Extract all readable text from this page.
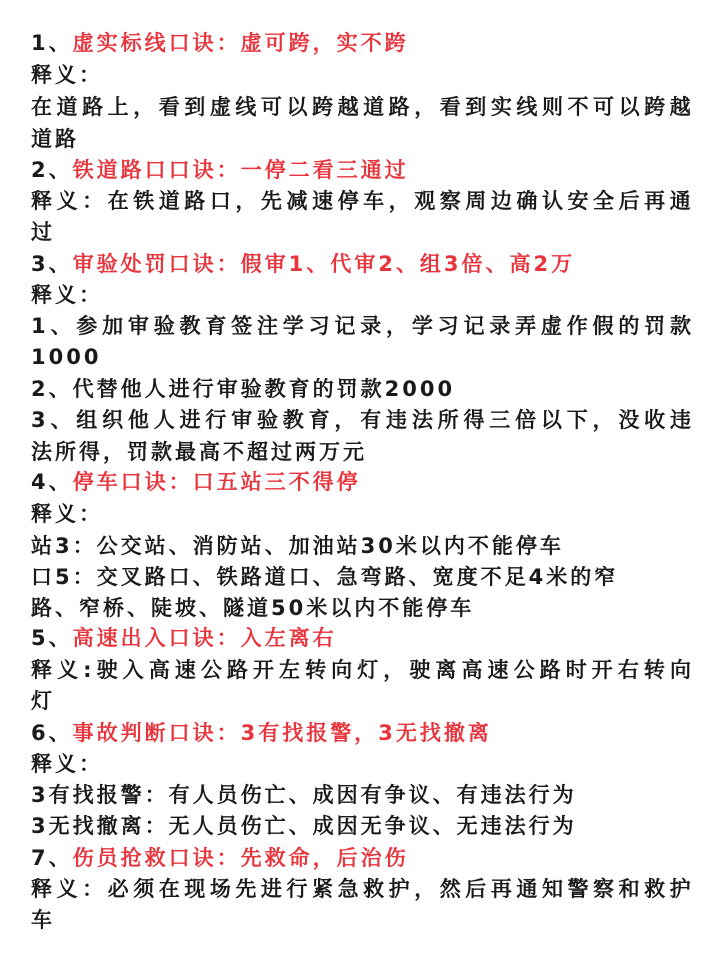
1、虚实标线口诀：虚可跨，实不跨
释义：
在 道 路 上 ， 看 到 虚 线 可 以 跨 越 道 路 ， 看 到 实 线 则 不 可 以 跨 越
道路
2、铁道路口口诀：一停二看三通过
释 义 ： 在 铁 道 路 口 ， 先 减 速 停 车 ， 观 察 周 边 确 认 安 全 后 再 通
过
3、审验处罚口诀：假审1、代审2、组3倍、高2万
释义：
1 、 参 加 审 验 教 育 签 注 学 习 记 录 ， 学 习 记 录 弄 虚 作 假 的 罚 款
1000
2、代替他人进行审验教育的罚款2000
3 、 组 织 他 人 进 行 审 验 教 育 ， 有 违 法 所 得 三 倍 以 下 ， 没 收 违
法所得，罚款最高不超过两万元
4、停车口诀：口五站三不得停
释义：
站3：公交站、消防站、加油站30米以内不能停车
口5：交叉路口、铁路道口、急弯路、宽度不足4米的窄
路、窄桥、陡坡、隧道50米以内不能停车
5、高速出入口诀：入左离右
释 义 : 驶 入 高 速 公 路 开 左 转 向 灯 ， 驶 离 高 速 公 路 时 开 右 转 向
灯
6、事故判断口诀：3有找报警，3无找撤离
释义：
3有找报警：有人员伤亡、成因有争议、有违法行为
3无找撤离：无人员伤亡、成因无争议、无违法行为
7、伤员抢救口诀：先救命，后治伤
释 义 ： 必 须 在 现 场 先 进 行 紧 急 救 护 ， 然 后 再 通 知 警 察 和 救 护
车
